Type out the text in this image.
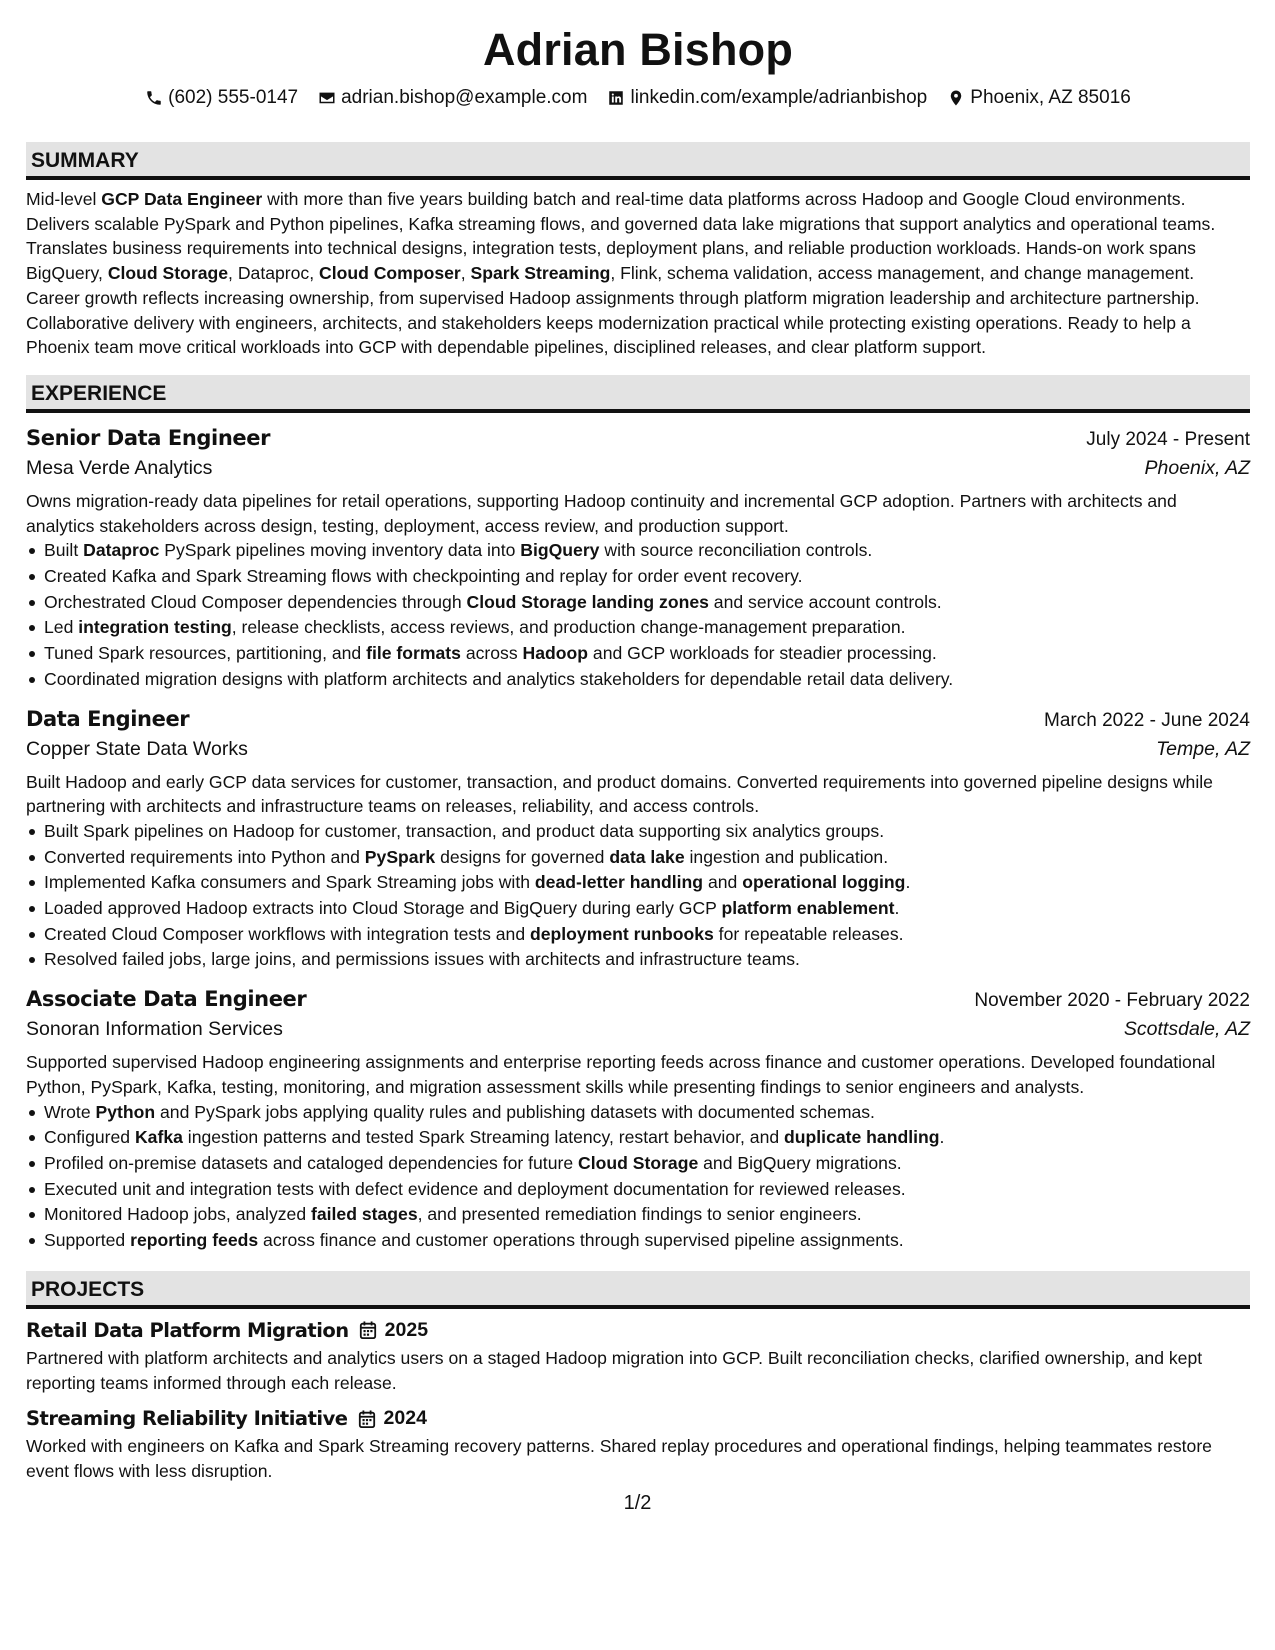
Adrian Bishop
(602) 555-0147 adrian.bishop@example.com linkedin.com/example/adrianbishop Phoenix, AZ 85016
SUMMARY
Mid-level GCP Data Engineer with more than five years building batch and real-time data platforms across Hadoop and Google Cloud environments. Delivers scalable PySpark and Python pipelines, Kafka streaming flows, and governed data lake migrations that support analytics and operational teams. Translates business requirements into technical designs, integration tests, deployment plans, and reliable production workloads. Hands-on work spans BigQuery, Cloud Storage, Dataproc, Cloud Composer, Spark Streaming, Flink, schema validation, access management, and change management. Career growth reflects increasing ownership, from supervised Hadoop assignments through platform migration leadership and architecture partnership. Collaborative delivery with engineers, architects, and stakeholders keeps modernization practical while protecting existing operations. Ready to help a Phoenix team move critical workloads into GCP with dependable pipelines, disciplined releases, and clear platform support.
EXPERIENCE
Senior Data Engineer	July 2024 - Present
Mesa Verde Analytics	Phoenix, AZ
Owns migration-ready data pipelines for retail operations, supporting Hadoop continuity and incremental GCP adoption. Partners with architects and analytics stakeholders across design, testing, deployment, access review, and production support.
Built Dataproc PySpark pipelines moving inventory data into BigQuery with source reconciliation controls.
Created Kafka and Spark Streaming flows with checkpointing and replay for order event recovery.
Orchestrated Cloud Composer dependencies through Cloud Storage landing zones and service account controls.
Led integration testing, release checklists, access reviews, and production change-management preparation.
Tuned Spark resources, partitioning, and file formats across Hadoop and GCP workloads for steadier processing.
Coordinated migration designs with platform architects and analytics stakeholders for dependable retail data delivery.
Data Engineer	March 2022 - June 2024
Copper State Data Works	Tempe, AZ
Built Hadoop and early GCP data services for customer, transaction, and product domains. Converted requirements into governed pipeline designs while partnering with architects and infrastructure teams on releases, reliability, and access controls.
Built Spark pipelines on Hadoop for customer, transaction, and product data supporting six analytics groups.
Converted requirements into Python and PySpark designs for governed data lake ingestion and publication.
Implemented Kafka consumers and Spark Streaming jobs with dead-letter handling and operational logging.
Loaded approved Hadoop extracts into Cloud Storage and BigQuery during early GCP platform enablement.
Created Cloud Composer workflows with integration tests and deployment runbooks for repeatable releases.
Resolved failed jobs, large joins, and permissions issues with architects and infrastructure teams.
Associate Data Engineer	November 2020 - February 2022
Sonoran Information Services	Scottsdale, AZ
Supported supervised Hadoop engineering assignments and enterprise reporting feeds across finance and customer operations. Developed foundational Python, PySpark, Kafka, testing, monitoring, and migration assessment skills while presenting findings to senior engineers and analysts.
Wrote Python and PySpark jobs applying quality rules and publishing datasets with documented schemas.
Configured Kafka ingestion patterns and tested Spark Streaming latency, restart behavior, and duplicate handling.
Profiled on-premise datasets and cataloged dependencies for future Cloud Storage and BigQuery migrations.
Executed unit and integration tests with defect evidence and deployment documentation for reviewed releases.
Monitored Hadoop jobs, analyzed failed stages, and presented remediation findings to senior engineers.
Supported reporting feeds across finance and customer operations through supervised pipeline assignments.
PROJECTS
Retail Data Platform Migration 2025
Partnered with platform architects and analytics users on a staged Hadoop migration into GCP. Built reconciliation checks, clarified ownership, and kept reporting teams informed through each release.
Streaming Reliability Initiative 2024
Worked with engineers on Kafka and Spark Streaming recovery patterns. Shared replay procedures and operational findings, helping teammates restore event flows with less disruption.
1/2
